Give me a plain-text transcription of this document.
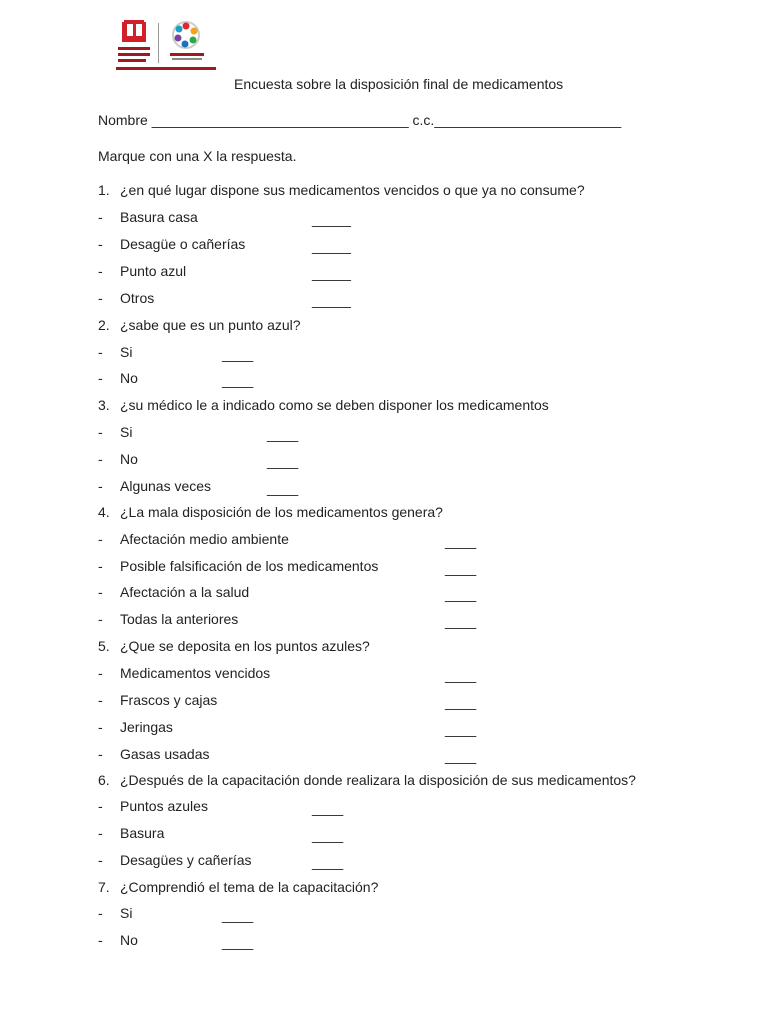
Encuesta sobre la disposición final de medicamentos
Nombre _________________________________ c.c.________________________
Marque con una X la respuesta.
1. ¿en qué lugar dispone sus medicamentos vencidos o que ya no consume?
- Basura casa	_____
- Desagüe o cañerías	_____
- Punto azul	_____
- Otros	_____
2. ¿sabe que es un punto azul?
- Si	____
- No	____
3. ¿su médico le a indicado como se deben disponer los medicamentos
- Si	____
- No	____
- Algunas veces	____
4. ¿La mala disposición de los medicamentos genera?
- Afectación medio ambiente	____
- Posible falsificación de los medicamentos	____
- Afectación a la salud	____
- Todas la anteriores	____
5. ¿Que se deposita en los puntos azules?
- Medicamentos vencidos	____
- Frascos y cajas	____
- Jeringas	____
- Gasas usadas	____
6. ¿Después de la capacitación donde realizara la disposición de sus medicamentos?
- Puntos azules	____
- Basura	____
- Desagües y cañerías	____
7. ¿Comprendió el tema de la capacitación?
- Si	____
- No	____
